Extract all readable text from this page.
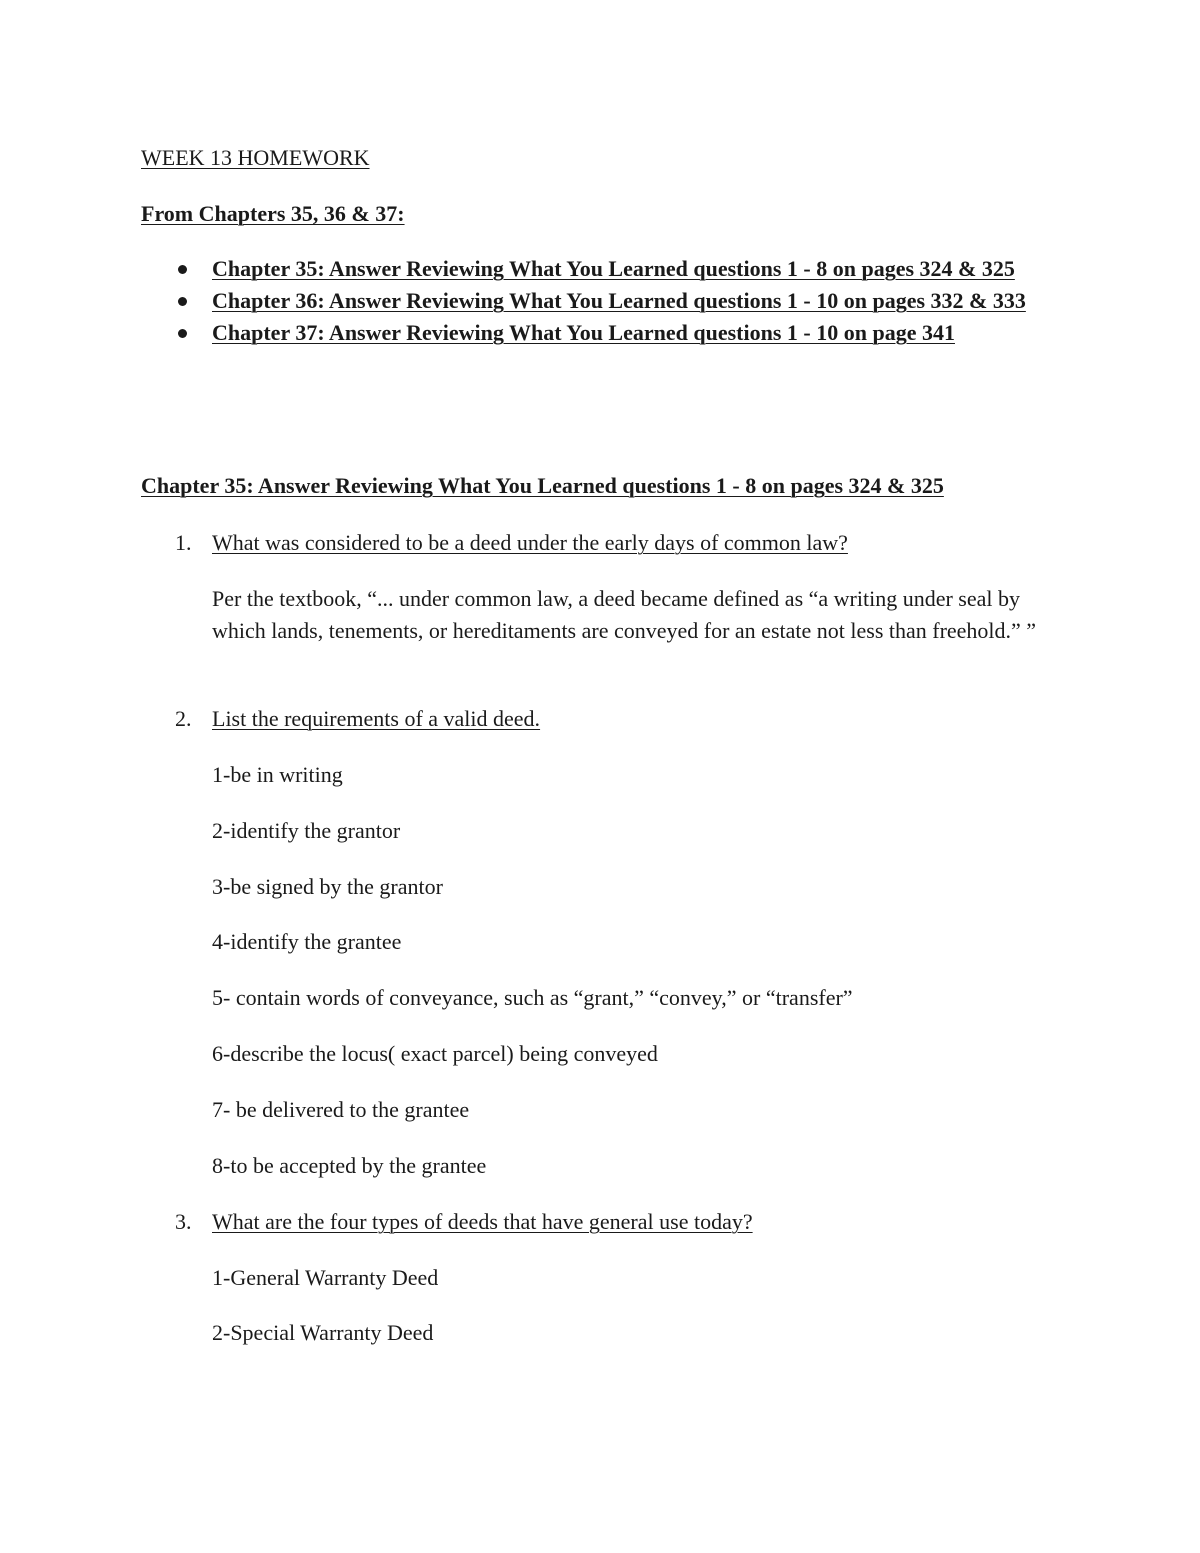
WEEK 13 HOMEWORK

From Chapters 35, 36 & 37:

Chapter 35: Answer Reviewing What You Learned questions 1 - 8 on pages 324 & 325
Chapter 36: Answer Reviewing What You Learned questions 1 - 10 on pages 332 & 333
Chapter 37: Answer Reviewing What You Learned questions 1 - 10 on page 341

Chapter 35: Answer Reviewing What You Learned questions 1 - 8 on pages 324 & 325

1. What was considered to be a deed under the early days of common law?

Per the textbook, “... under common law, a deed became defined as “a writing under seal by which lands, tenements, or hereditaments are conveyed for an estate not less than freehold.” ”

2. List the requirements of a valid deed.

1-be in writing

2-identify the grantor

3-be signed by the grantor

4-identify the grantee

5- contain words of conveyance, such as “grant,” “convey,” or “transfer”

6-describe the locus( exact parcel) being conveyed

7- be delivered to the grantee

8-to be accepted by the grantee

3. What are the four types of deeds that have general use today?

1-General Warranty Deed

2-Special Warranty Deed
